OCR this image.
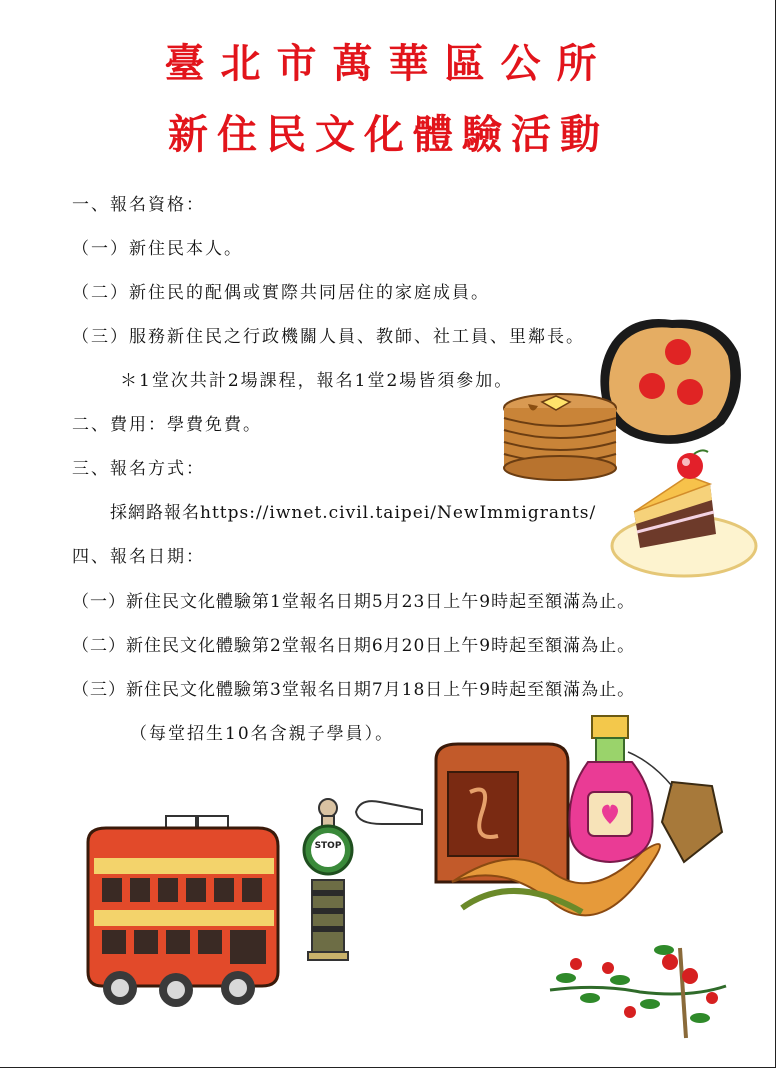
臺北市萬華區公所
新住民文化體驗活動
一、報名資格：
（一）新住民本人。
（二）新住民的配偶或實際共同居住的家庭成員。
（三）服務新住民之行政機關人員、教師、社工員、里鄰長。
＊1堂次共計2場課程，報名1堂2場皆須參加。
二、費用：學費免費。
三、報名方式：
採網路報名https://iwnet.civil.taipei/NewImmigrants/
四、報名日期：
（一）新住民文化體驗第1堂報名日期5月23日上午9時起至額滿為止。
（二）新住民文化體驗第2堂報名日期6月20日上午9時起至額滿為止。
（三）新住民文化體驗第3堂報名日期7月18日上午9時起至額滿為止。
（每堂招生10名含親子學員）。
STOP
